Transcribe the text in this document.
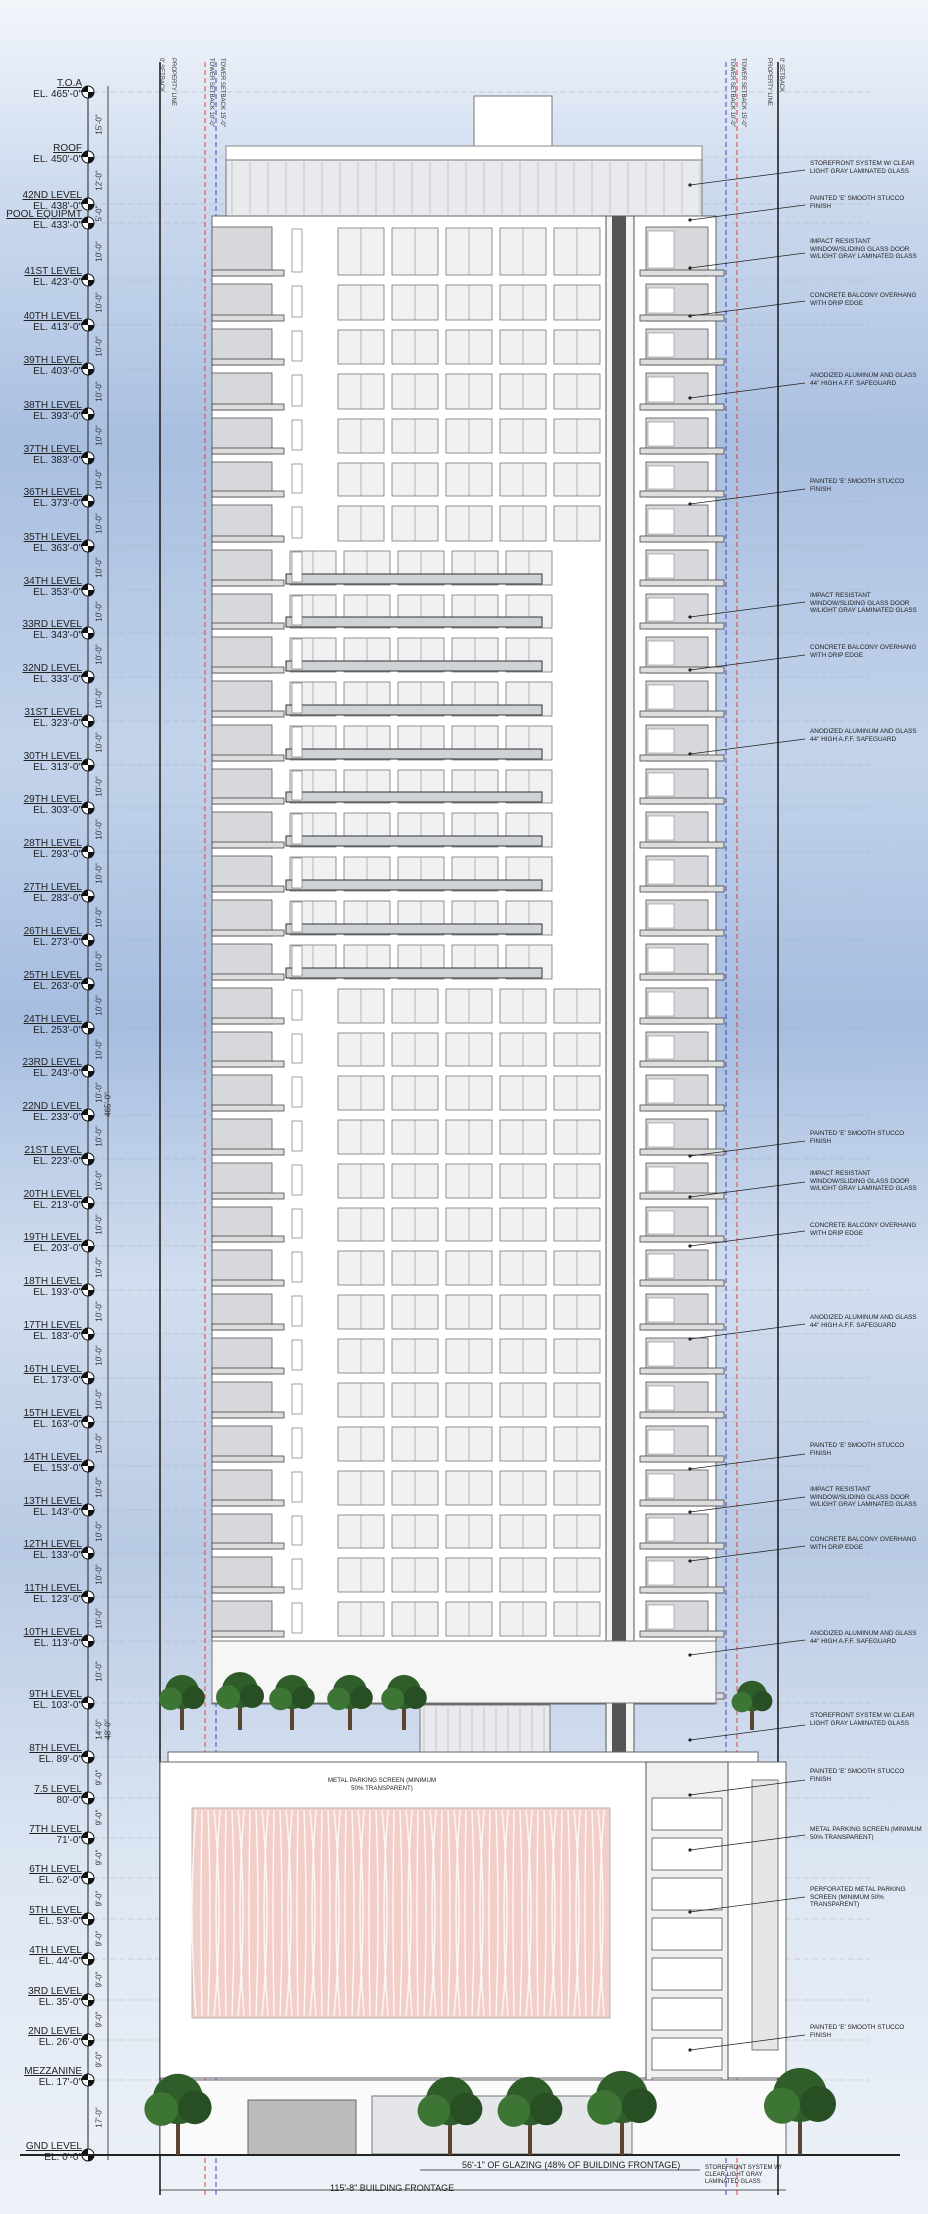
T.O.A
EL. 465'-0"
15'-0"
ROOF
EL. 450'-0"
12'-0"
42ND LEVEL
EL. 438'-0" 5'-0"
POOL EQUIPMT
EL. 433'-0"
10'-0"
41ST LEVEL
EL. 423'-0"
10'-0"
40TH LEVEL
EL. 413'-0"
10'-0"
39TH LEVEL
EL. 403'-0"
10'-0"
38TH LEVEL
EL. 393'-0"
10'-0"
37TH LEVEL
EL. 383'-0"
10'-0"
36TH LEVEL
EL. 373'-0"
10'-0"
35TH LEVEL
EL. 363'-0"
10'-0"
34TH LEVEL
EL. 353'-0"
10'-0"
33RD LEVEL
EL. 343'-0"
10'-0"
32ND LEVEL
EL. 333'-0"
10'-0"
31ST LEVEL
EL. 323'-0"
10'-0"
30TH LEVEL
EL. 313'-0"
10'-0"
29TH LEVEL
EL. 303'-0"
10'-0"
28TH LEVEL
EL. 293'-0"
10'-0"
27TH LEVEL
EL. 283'-0"
10'-0"
26TH LEVEL
EL. 273'-0"
10'-0"
25TH LEVEL
EL. 263'-0"
10'-0"
24TH LEVEL
EL. 253'-0"
10'-0"
23RD LEVEL
EL. 243'-0"
10'-0"
22ND LEVEL
EL. 233'-0"
10'-0"
21ST LEVEL
EL. 223'-0"
10'-0"
20TH LEVEL
EL. 213'-0"
10'-0"
19TH LEVEL
EL. 203'-0"
10'-0"
18TH LEVEL
EL. 193'-0"
10'-0"
17TH LEVEL
EL. 183'-0"
10'-0"
16TH LEVEL
EL. 173'-0"
10'-0"
15TH LEVEL
EL. 163'-0"
10'-0"
14TH LEVEL
EL. 153'-0"
10'-0"
13TH LEVEL
EL. 143'-0"
10'-0"
12TH LEVEL
EL. 133'-0"
10'-0"
11TH LEVEL
EL. 123'-0"
10'-0"
10TH LEVEL
EL. 113'-0"
10'-0"
9TH LEVEL
EL. 103'-0"
14'-0"
8TH LEVEL
EL. 89'-0"
9'-0"
7.5 LEVEL
80'-0"
9'-0"
7TH LEVEL
71'-0"
9'-0"
6TH LEVEL
EL. 62'-0"
9'-0"
5TH LEVEL
EL. 53'-0"
9'-0"
4TH LEVEL
EL. 44'-0"
9'-0"
3RD LEVEL
EL. 35'-0"
9'-0"
2ND LEVEL
EL. 26'-0"
9'-0"
MEZZANINE
EL. 17'-0"
17'-0"
GND LEVEL
EL. 0'-0"
465'-0"
48'-0"
STOREFRONT SYSTEM W/ CLEAR LIGHT GRAY LAMINATED GLASS
PAINTED 'E' SMOOTH STUCCO FINISH
IMPACT RESISTANT WINDOW/SLIDING GLASS DOOR W/LIGHT GRAY LAMINATED GLASS
CONCRETE BALCONY OVERHANG WITH DRIP EDGE
ANODIZED ALUMINUM AND GLASS 44" HIGH A.F.F. SAFEGUARD
PAINTED 'E' SMOOTH STUCCO FINISH
IMPACT RESISTANT WINDOW/SLIDING GLASS DOOR W/LIGHT GRAY LAMINATED GLASS
CONCRETE BALCONY OVERHANG WITH DRIP EDGE
ANODIZED ALUMINUM AND GLASS 44" HIGH A.F.F. SAFEGUARD
PAINTED 'E' SMOOTH STUCCO FINISH
IMPACT RESISTANT WINDOW/SLIDING GLASS DOOR W/LIGHT GRAY LAMINATED GLASS
CONCRETE BALCONY OVERHANG WITH DRIP EDGE
ANODIZED ALUMINUM AND GLASS 44" HIGH A.F.F. SAFEGUARD
PAINTED 'E' SMOOTH STUCCO FINISH
IMPACT RESISTANT WINDOW/SLIDING GLASS DOOR W/LIGHT GRAY LAMINATED GLASS
CONCRETE BALCONY OVERHANG WITH DRIP EDGE
ANODIZED ALUMINUM AND GLASS 44" HIGH A.F.F. SAFEGUARD
STOREFRONT SYSTEM W/ CLEAR LIGHT GRAY LAMINATED GLASS
PAINTED 'E' SMOOTH STUCCO FINISH
METAL PARKING SCREEN (MINIMUM 50% TRANSPARENT)
PERFORATED METAL PARKING SCREEN (MINIMUM 50% TRANSPARENT)
PAINTED 'E' SMOOTH STUCCO FINISH
PROPERTY LINE
0' SETBACK	TOWER SETBACK 10'-0" TOWER SETBACK 15'-0"	TOWER SETBACK 10'-0" TOWER SETBACK 15'-0"	0' SETBACK
PROPERTY LINE
56'-1" OF GLAZING (48% OF BUILDING FRONTAGE)
115'-8" BUILDING FRONTAGE
STOREFRONT SYSTEM W/ CLEAR LIGHT GRAY LAMINATED GLASS
METAL PARKING SCREEN (MINIMUM 50% TRANSPARENT)
